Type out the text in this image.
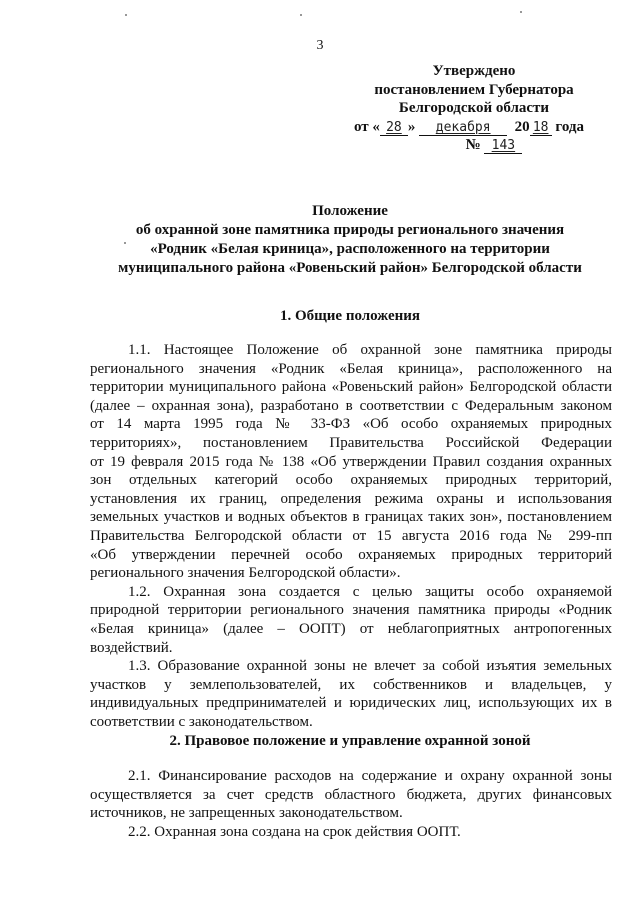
3
Утверждено
постановлением Губернатора
Белгородской области
от « 28 » декабря 20 18 года
№ 143
Положение
об охранной зоне памятника природы регионального значения
«Родник «Белая криница», расположенного на территории
муниципального района «Ровеньский район» Белгородской области
1. Общие положения
1.1. Настоящее Положение об охранной зоне памятника природы
регионального значения «Родник «Белая криница», расположенного на
территории муниципального района «Ровеньский район» Белгородской области
(далее – охранная зона), разработано в соответствии с Федеральным законом
от 14 марта 1995 года № 33-ФЗ «Об особо охраняемых природных
территориях», постановлением Правительства Российской Федерации
от 19 февраля 2015 года № 138 «Об утверждении Правил создания охранных
зон отдельных категорий особо охраняемых природных территорий,
установления их границ, определения режима охраны и использования
земельных участков и водных объектов в границах таких зон», постановлением
Правительства Белгородской области от 15 августа 2016 года № 299-пп
«Об утверждении перечней особо охраняемых природных территорий
регионального значения Белгородской области».
1.2. Охранная зона создается с целью защиты особо охраняемой
природной территории регионального значения памятника природы «Родник
«Белая криница» (далее – ООПТ) от неблагоприятных антропогенных
воздействий.
1.3. Образование охранной зоны не влечет за собой изъятия земельных
участков у землепользователей, их собственников и владельцев, у
индивидуальных предпринимателей и юридических лиц, использующих их в
соответствии с законодательством.
2. Правовое положение и управление охранной зоной
2.1. Финансирование расходов на содержание и охрану охранной зоны
осуществляется за счет средств областного бюджета, других финансовых
источников, не запрещенных законодательством.
2.2. Охранная зона создана на срок действия ООПТ.
